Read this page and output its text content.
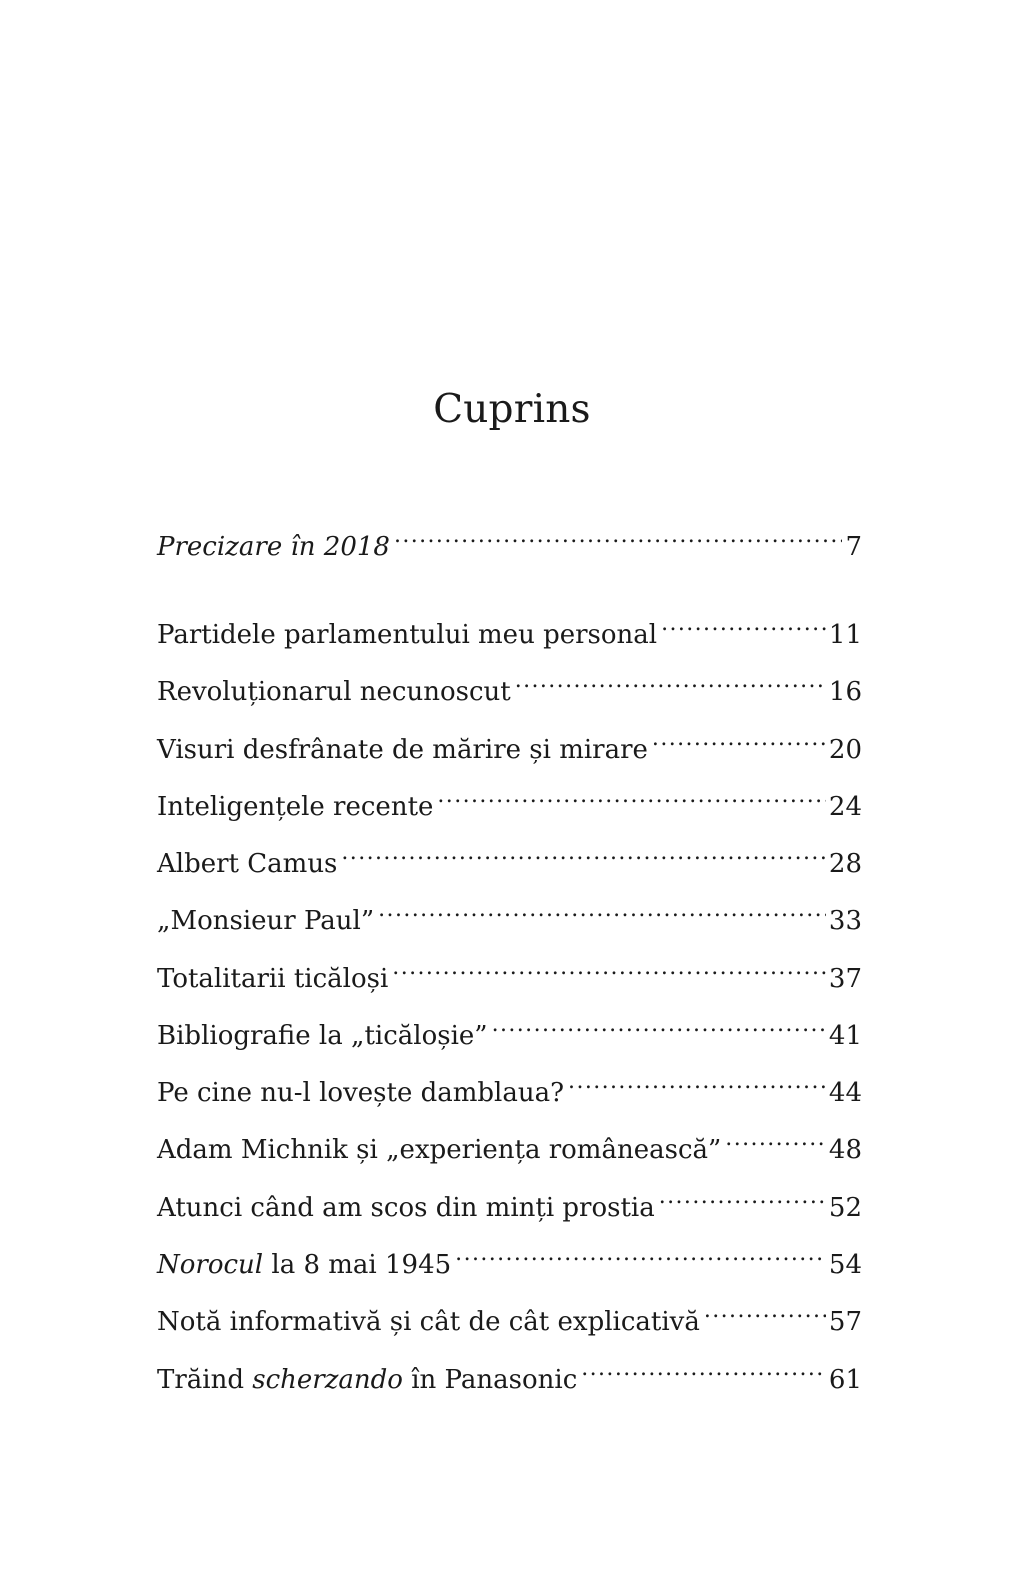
Cuprins
Precizare în 2018 .....	7
Partidele parlamentului meu personal .....	11
Revoluționarul necunoscut .....	16
Visuri desfrânate de mărire și mirare .....	20
Inteligențele recente .....	24
Albert Camus .....	28
„Monsieur Paul” .....	33
Totalitarii ticăloși .....	37
Bibliografie la „ticăloșie” .....	41
Pe cine nu-l lovește damblaua? .....	44
Adam Michnik și „experiența românească” .....	48
Atunci când am scos din minți prostia .....	52
Norocul la 8 mai 1945 .....	54
Notă informativă și cât de cât explicativă .....	57
Trăind scherzando în Panasonic .....	61
